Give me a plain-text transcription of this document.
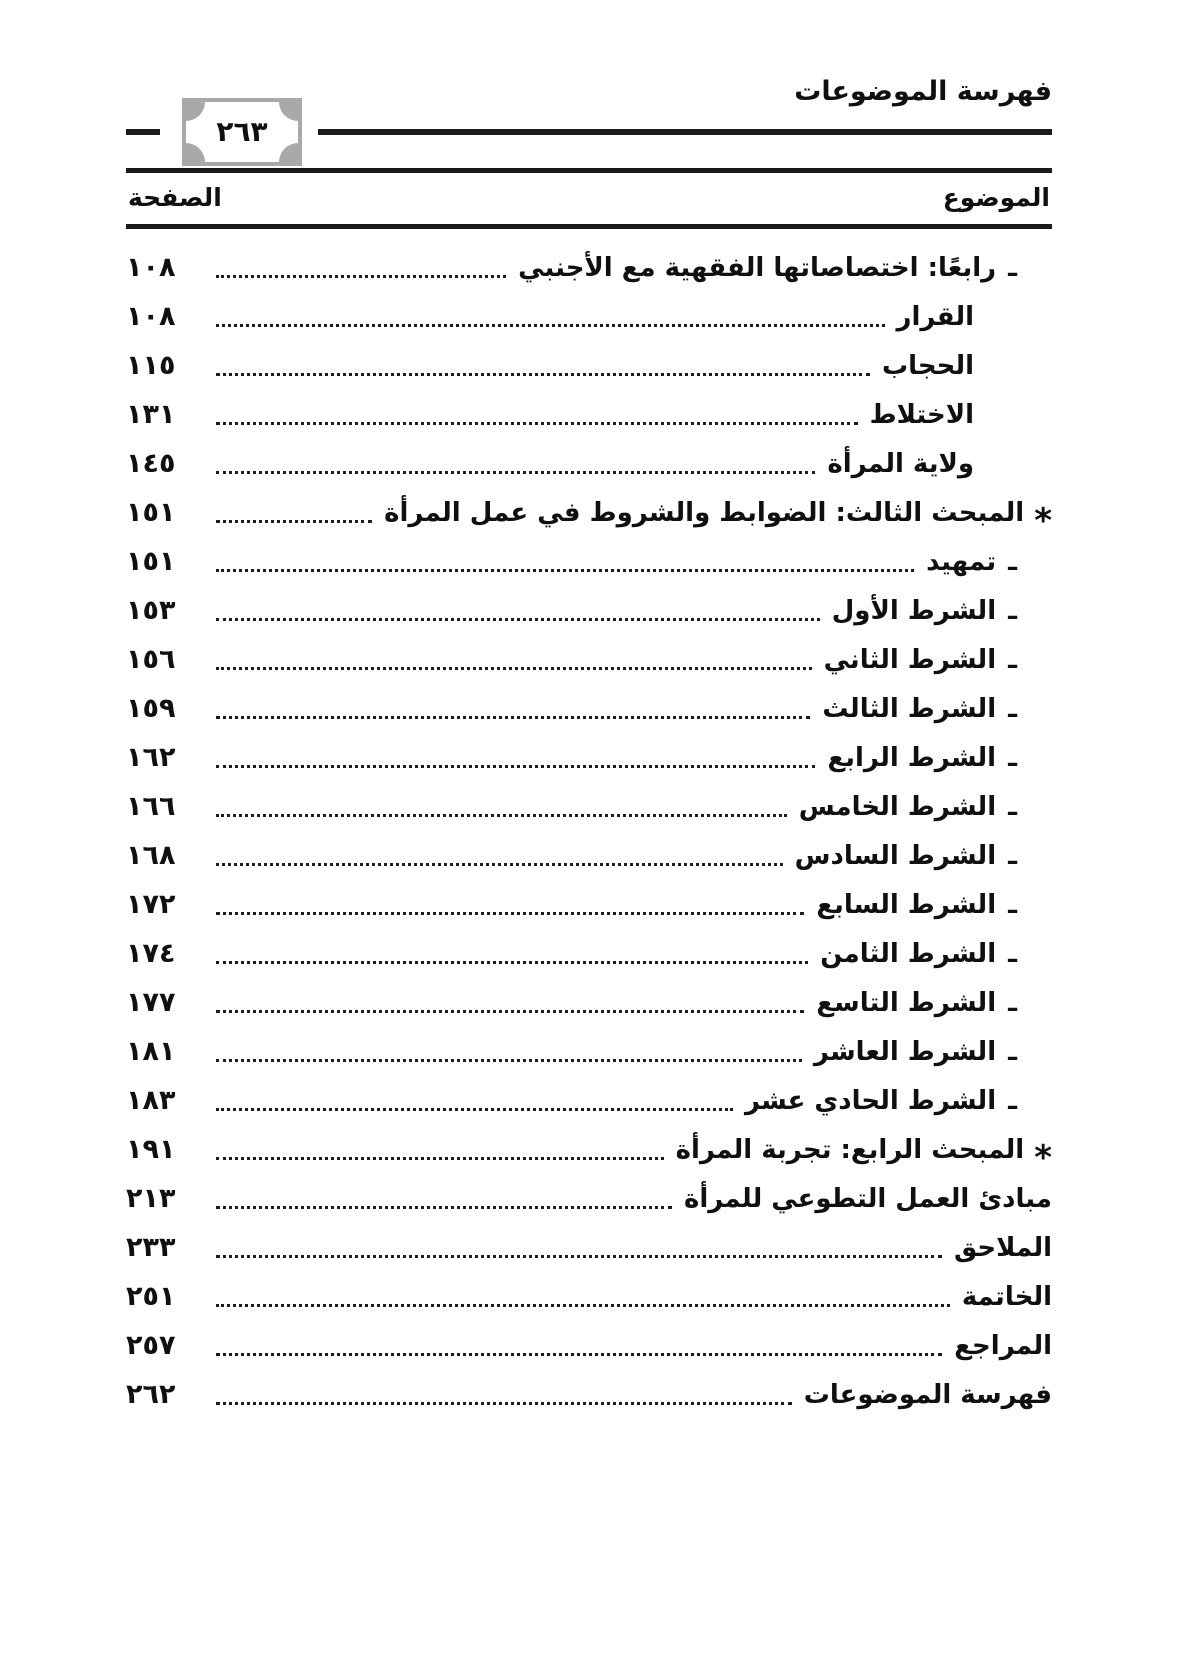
فهرسة الموضوعات
٢٦٣
الموضوع
الصفحة
ـ
رابعًا: اختصاصاتها الفقهية مع الأجنبي
١٠٨
القرار
١٠٨
الحجاب
١١٥
الاختلاط
١٣١
ولاية المرأة
١٤٥
*
المبحث الثالث: الضوابط والشروط في عمل المرأة
١٥١
ـ
تمهيد
١٥١
ـ
الشرط الأول
١٥٣
ـ
الشرط الثاني
١٥٦
ـ
الشرط الثالث
١٥٩
ـ
الشرط الرابع
١٦٢
ـ
الشرط الخامس
١٦٦
ـ
الشرط السادس
١٦٨
ـ
الشرط السابع
١٧٢
ـ
الشرط الثامن
١٧٤
ـ
الشرط التاسع
١٧٧
ـ
الشرط العاشر
١٨١
ـ
الشرط الحادي عشر
١٨٣
*
المبحث الرابع: تجربة المرأة
١٩١
مبادئ العمل التطوعي للمرأة
٢١٣
الملاحق
٢٣٣
الخاتمة
٢٥١
المراجع
٢٥٧
فهرسة الموضوعات
٢٦٢
